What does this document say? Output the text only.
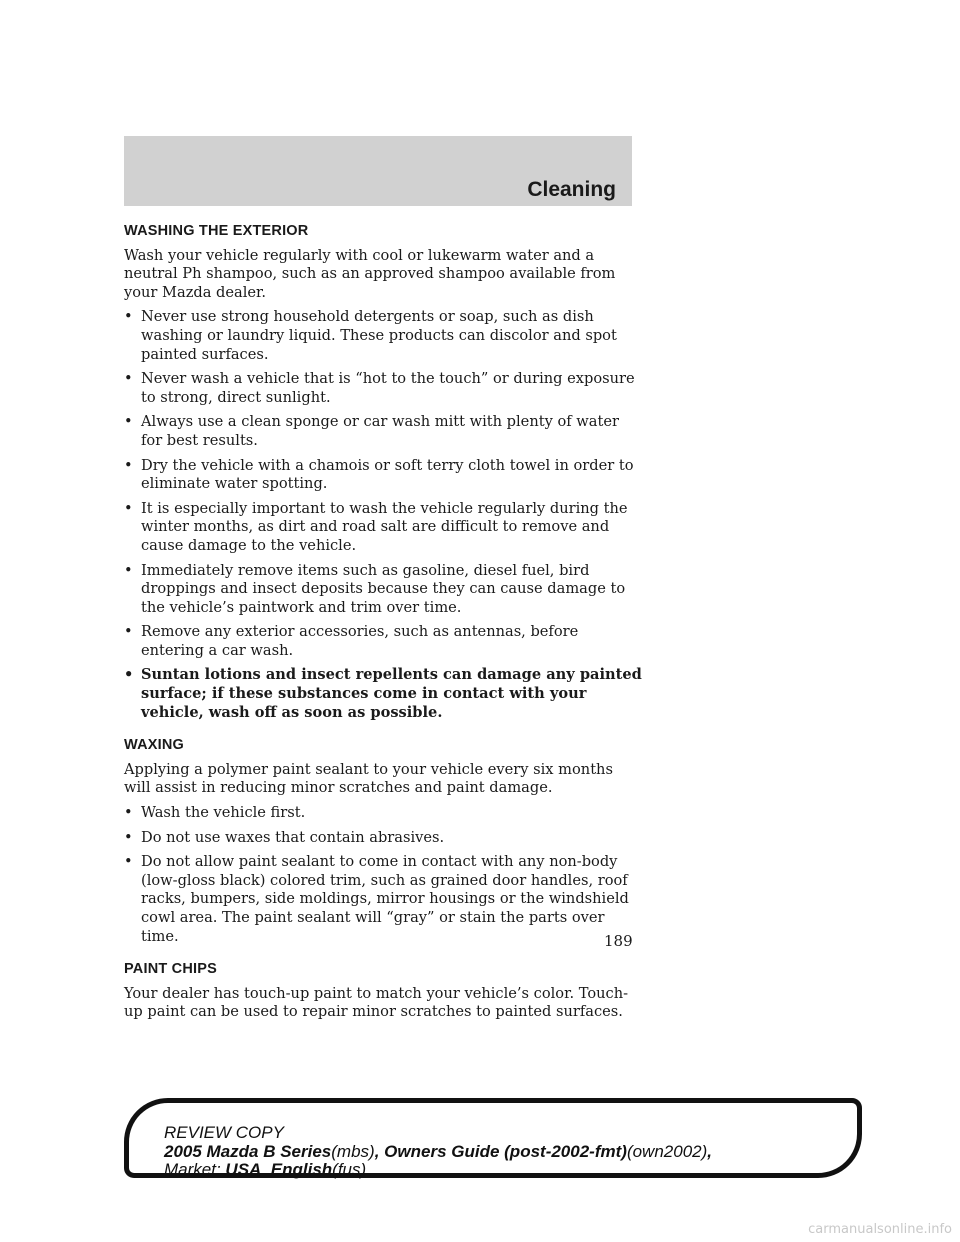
Cleaning
WASHING THE EXTERIOR

Wash your vehicle regularly with cool or lukewarm water and a neutral Ph shampoo, such as an approved shampoo available from your Mazda dealer.

• Never use strong household detergents or soap, such as dish washing or laundry liquid. These products can discolor and spot painted surfaces.
• Never wash a vehicle that is “hot to the touch” or during exposure to strong, direct sunlight.
• Always use a clean sponge or car wash mitt with plenty of water for best results.
• Dry the vehicle with a chamois or soft terry cloth towel in order to eliminate water spotting.
• It is especially important to wash the vehicle regularly during the winter months, as dirt and road salt are difficult to remove and cause damage to the vehicle.
• Immediately remove items such as gasoline, diesel fuel, bird droppings and insect deposits because they can cause damage to the vehicle’s paintwork and trim over time.
• Remove any exterior accessories, such as antennas, before entering a car wash.
• Suntan lotions and insect repellents can damage any painted surface; if these substances come in contact with your vehicle, wash off as soon as possible.
WAXING

Applying a polymer paint sealant to your vehicle every six months will assist in reducing minor scratches and paint damage.

• Wash the vehicle first.
• Do not use waxes that contain abrasives.
• Do not allow paint sealant to come in contact with any non-body (low-gloss black) colored trim, such as grained door handles, roof racks, bumpers, side moldings, mirror housings or the windshield cowl area. The paint sealant will “gray” or stain the parts over time.
PAINT CHIPS

Your dealer has touch-up paint to match your vehicle’s color. Touch-up paint can be used to repair minor scratches to painted surfaces.

189
REVIEW COPY
2005 Mazda B Series(mbs), Owners Guide (post-2002-fmt)(own2002),
Market: USA_English(fus)
carmanualsonline.info
